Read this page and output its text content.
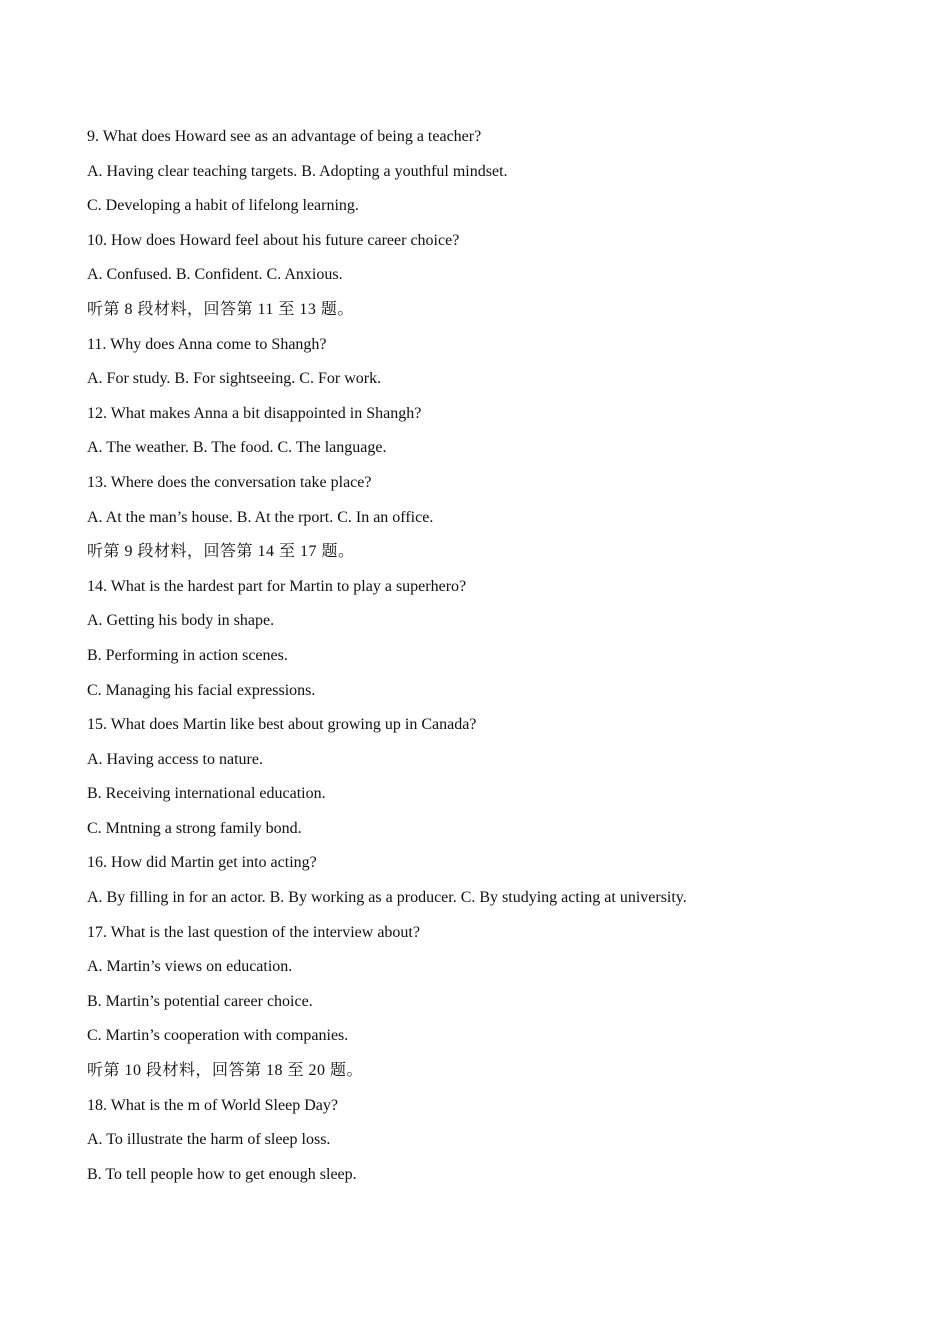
9. What does Howard see as an advantage of being a teacher?
A. Having clear teaching targets. B. Adopting a youthful mindset.
C. Developing a habit of lifelong learning.
10. How does Howard feel about his future career choice?
A. Confused. B. Confident. C. Anxious.
听第 8 段材料，回答第 11 至 13 题。
11. Why does Anna come to Shangh?
A. For study. B. For sightseeing. C. For work.
12. What makes Anna a bit disappointed in Shangh?
A. The weather. B. The food. C. The language.
13. Where does the conversation take place?
A. At the man’s house. B. At the rport. C. In an office.
听第 9 段材料，回答第 14 至 17 题。
14. What is the hardest part for Martin to play a superhero?
A. Getting his body in shape.
B. Performing in action scenes.
C. Managing his facial expressions.
15. What does Martin like best about growing up in Canada?
A. Having access to nature.
B. Receiving international education.
C. Mntning a strong family bond.
16. How did Martin get into acting?
A. By filling in for an actor. B. By working as a producer. C. By studying acting at university.
17. What is the last question of the interview about?
A. Martin’s views on education.
B. Martin’s potential career choice.
C. Martin’s cooperation with companies.
听第 10 段材料，回答第 18 至 20 题。
18. What is the m of World Sleep Day?
A. To illustrate the harm of sleep loss.
B. To tell people how to get enough sleep.
